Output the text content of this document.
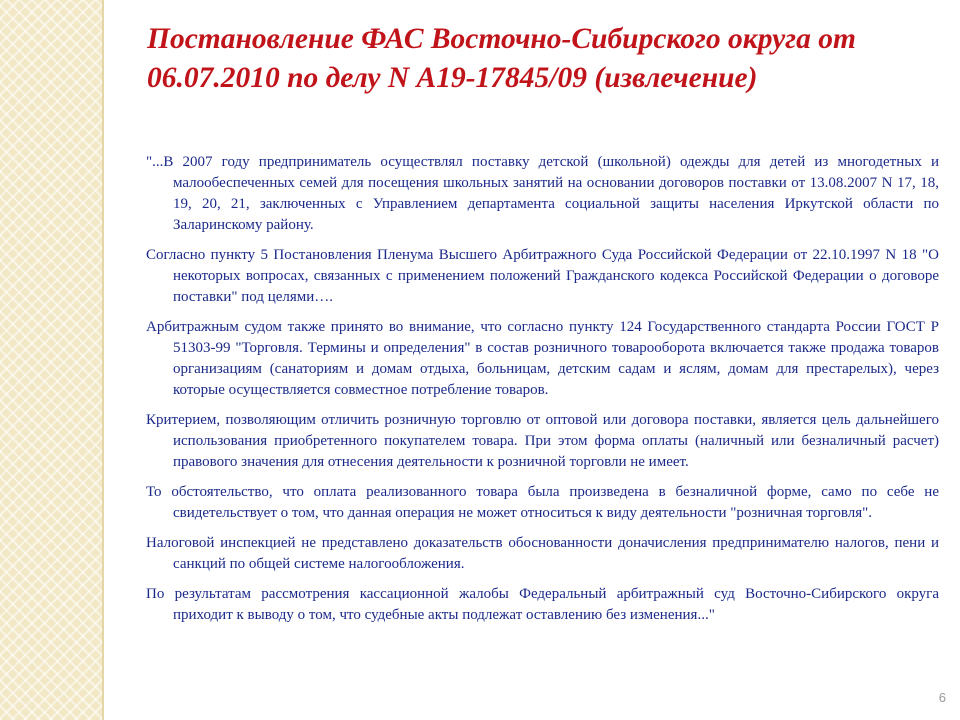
Постановление ФАС Восточно-Сибирского округа от 06.07.2010 по делу N А19-17845/09 (извлечение)

"...В 2007 году предприниматель осуществлял поставку детской (школьной) одежды для детей из многодетных и малообеспеченных семей для посещения школьных занятий на основании договоров поставки от 13.08.2007 N 17, 18, 19, 20, 21, заключенных с Управлением департамента социальной защиты населения Иркутской области по Заларинскому району.

Согласно пункту 5 Постановления Пленума Высшего Арбитражного Суда Российской Федерации от 22.10.1997 N 18 "О некоторых вопросах, связанных с применением положений Гражданского кодекса Российской Федерации о договоре поставки" под целями….

Арбитражным судом также принято во внимание, что согласно пункту 124 Государственного стандарта России ГОСТ Р 51303-99 "Торговля. Термины и определения" в состав розничного товарооборота включается также продажа товаров организациям (санаториям и домам отдыха, больницам, детским садам и яслям, домам для престарелых), через которые осуществляется совместное потребление товаров.

Критерием, позволяющим отличить розничную торговлю от оптовой или договора поставки, является цель дальнейшего использования приобретенного покупателем товара. При этом форма оплаты (наличный или безналичный расчет) правового значения для отнесения деятельности к розничной торговли не имеет.

То обстоятельство, что оплата реализованного товара была произведена в безналичной форме, само по себе не свидетельствует о том, что данная операция не может относиться к виду деятельности "розничная торговля".

Налоговой инспекцией не представлено доказательств обоснованности доначисления предпринимателю налогов, пени и санкций по общей системе налогообложения.

По результатам рассмотрения кассационной жалобы Федеральный арбитражный суд Восточно-Сибирского округа приходит к выводу о том, что судебные акты подлежат оставлению без изменения..."

6
